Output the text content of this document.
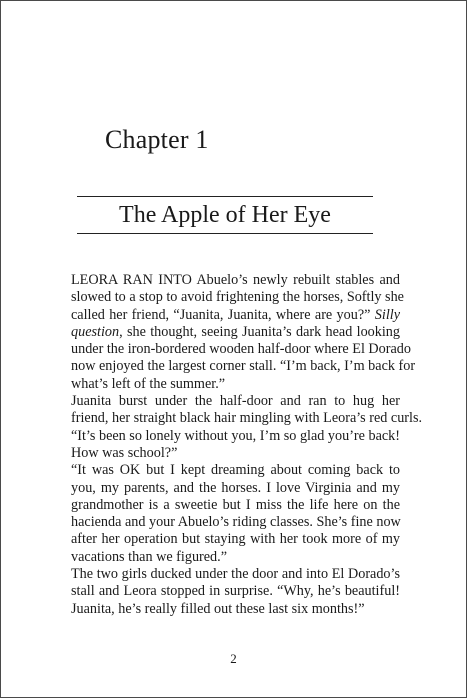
Chapter 1
The Apple of Her Eye

LEORA RAN INTO Abuelo’s newly rebuilt stables and
slowed to a stop to avoid frightening the horses, Softly she
called her friend, “Juanita, Juanita, where are you?” Silly
question, she thought, seeing Juanita’s dark head looking
under the iron-bordered wooden half-door where El Dorado
now enjoyed the largest corner stall. “I’m back, I’m back for
what’s left of the summer.”

Juanita burst under the half-door and ran to hug her
friend, her straight black hair mingling with Leora’s red curls.
“It’s been so lonely without you, I’m so glad you’re back!
How was school?”

“It was OK but I kept dreaming about coming back to
you, my parents, and the horses. I love Virginia and my
grandmother is a sweetie but I miss the life here on the
hacienda and your Abuelo’s riding classes. She’s fine now
after her operation but staying with her took more of my
vacations than we figured.”

The two girls ducked under the door and into El Dorado’s
stall and Leora stopped in surprise. “Why, he’s beautiful!
Juanita, he’s really filled out these last six months!”

2
